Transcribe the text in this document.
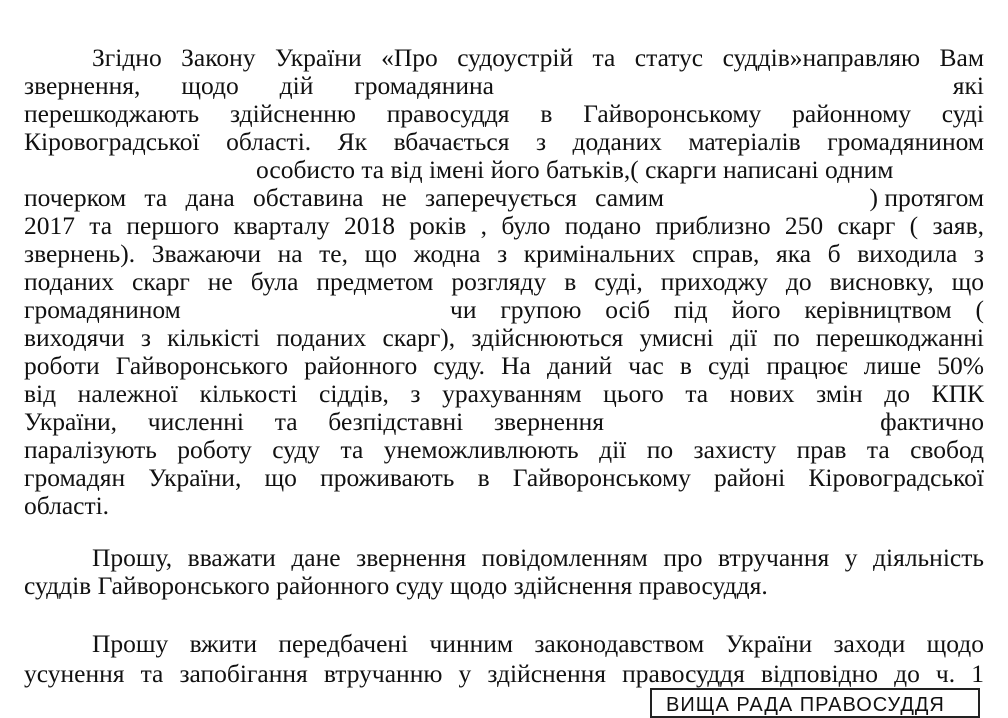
Згідно Закону України «Про судоустрій та статус суддів»направляю Вам
звернення, щодо дій громадянина	які
перешкоджають здійсненню правосуддя в Гайворонському районному суді
Кіровоградської області. Як вбачається з доданих матеріалів громадянином
особисто та від імені його батьків,( скарги написані одним
почерком та дана обставина не заперечується самим	) протягом
2017 та першого кварталу 2018 років , було подано приблизно 250 скарг ( заяв,
звернень). Зважаючи на те, що жодна з кримінальних справ, яка б виходила з
поданих скарг не була предметом розгляду в суді, приходжу до висновку, що
громадянином	чи групою осіб під його керівництвом (
виходячи з кількісті поданих скарг), здійснюються умисні дії по перешкоджанні
роботи Гайворонського районного суду. На даний час в суді працює лише 50%
від належної кількості сіддів, з урахуванням цього та нових змін до КПК
України, численні та безпідставні звернення	фактично
паралізують роботу суду та унеможливлюють дії по захисту прав та свобод
громадян України, що проживають в Гайворонському районі Кіровоградської
області.
Прошу, вважати дане звернення повідомленням про втручання у діяльність
суддів Гайворонського районного суду щодо здійснення правосуддя.
Прошу вжити передбачені чинним законодавством України заходи щодо
усунення та запобігання втручанню у здійснення правосуддя відповідно до ч. 1
ВИЩА РАДА ПРАВОСУДДЯ
